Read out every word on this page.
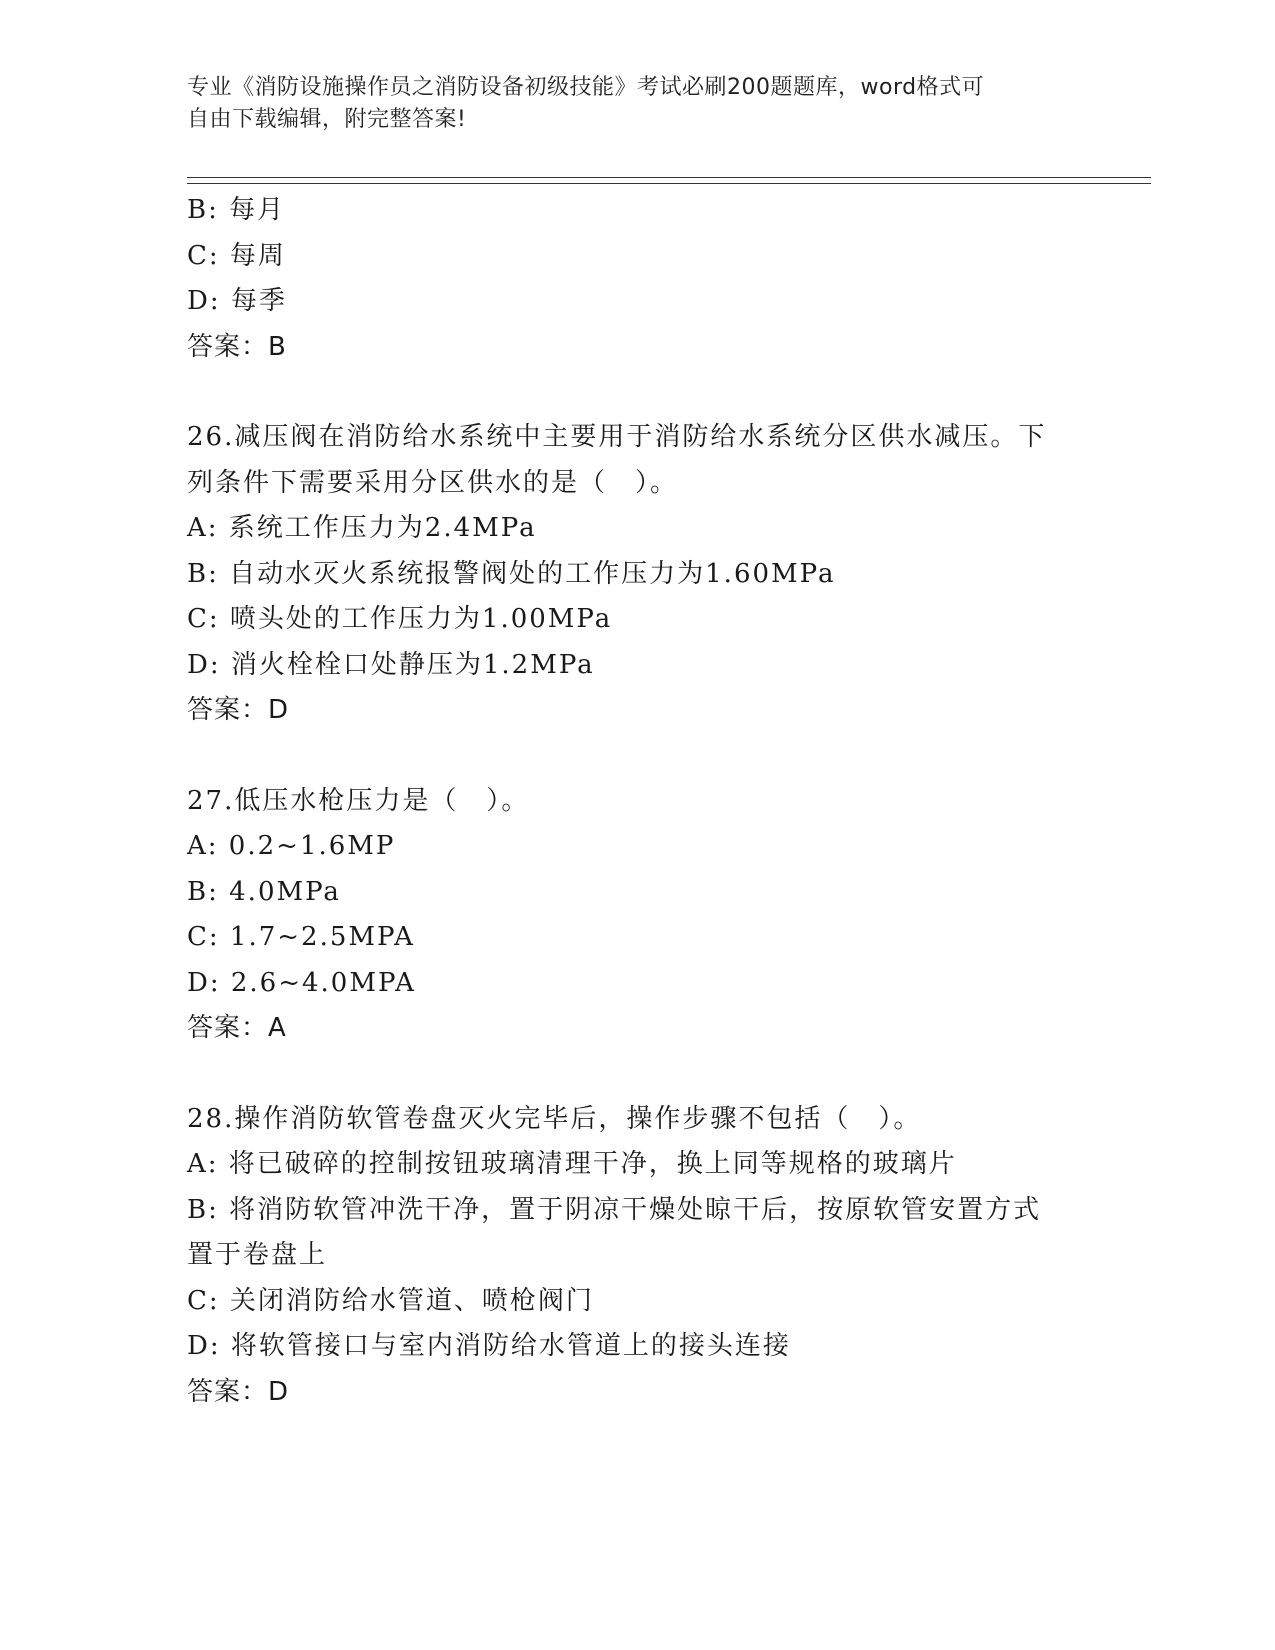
专业《消防设施操作员之消防设备初级技能》考试必刷200题题库，word格式可
自由下载编辑，附完整答案!
B: 每月
C: 每周
D: 每季
答案：B
26.减压阀在消防给水系统中主要用于消防给水系统分区供水减压。下
列条件下需要采用分区供水的是（　）。
A: 系统工作压力为2.4MPa
B: 自动水灭火系统报警阀处的工作压力为1.60MPa
C: 喷头处的工作压力为1.00MPa
D: 消火栓栓口处静压为1.2MPa
答案：D
27.低压水枪压力是（　）。
A: 0.2~1.6MP
B: 4.0MPa
C: 1.7~2.5MPA
D: 2.6~4.0MPA
答案：A
28.操作消防软管卷盘灭火完毕后，操作步骤不包括（　）。
A: 将已破碎的控制按钮玻璃清理干净，换上同等规格的玻璃片
B: 将消防软管冲洗干净，置于阴凉干燥处晾干后，按原软管安置方式
置于卷盘上
C: 关闭消防给水管道、喷枪阀门
D: 将软管接口与室内消防给水管道上的接头连接
答案：D
